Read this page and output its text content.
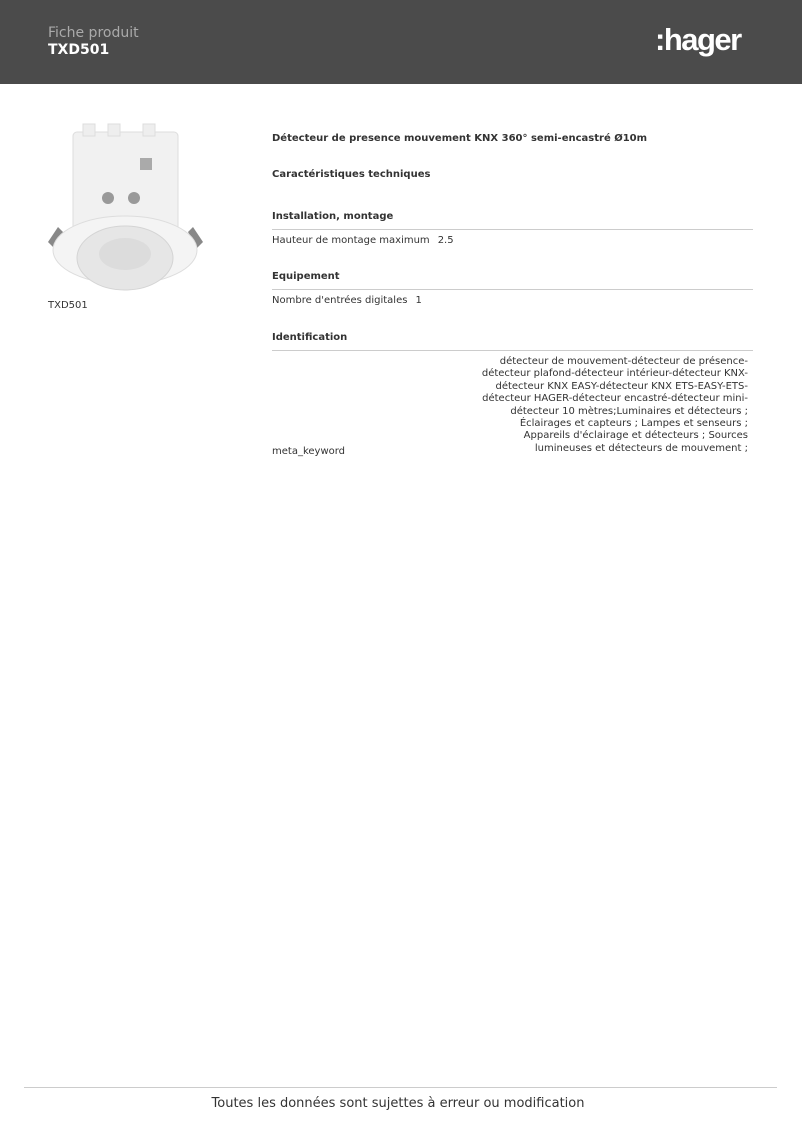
Fiche produit
TXD501	:hager
TXD501
Détecteur de presence mouvement KNX 360° semi-encastré Ø10m
Caractéristiques techniques
Installation, montage
Hauteur de montage maximum 2.5
Equipement
Nombre d'entrées digitales 1
Identification
meta_keyword
détecteur de mouvement-détecteur de présence-détecteur plafond-détecteur intérieur-détecteur KNX-détecteur KNX EASY-détecteur KNX ETS-EASY-ETS-détecteur HAGER-détecteur encastré-détecteur mini-détecteur 10 mètres;Luminaires et détecteurs ; Éclairages et capteurs ; Lampes et senseurs ; Appareils d'éclairage et détecteurs ; Sources lumineuses et détecteurs de mouvement ;
Toutes les données sont sujettes à erreur ou modification
